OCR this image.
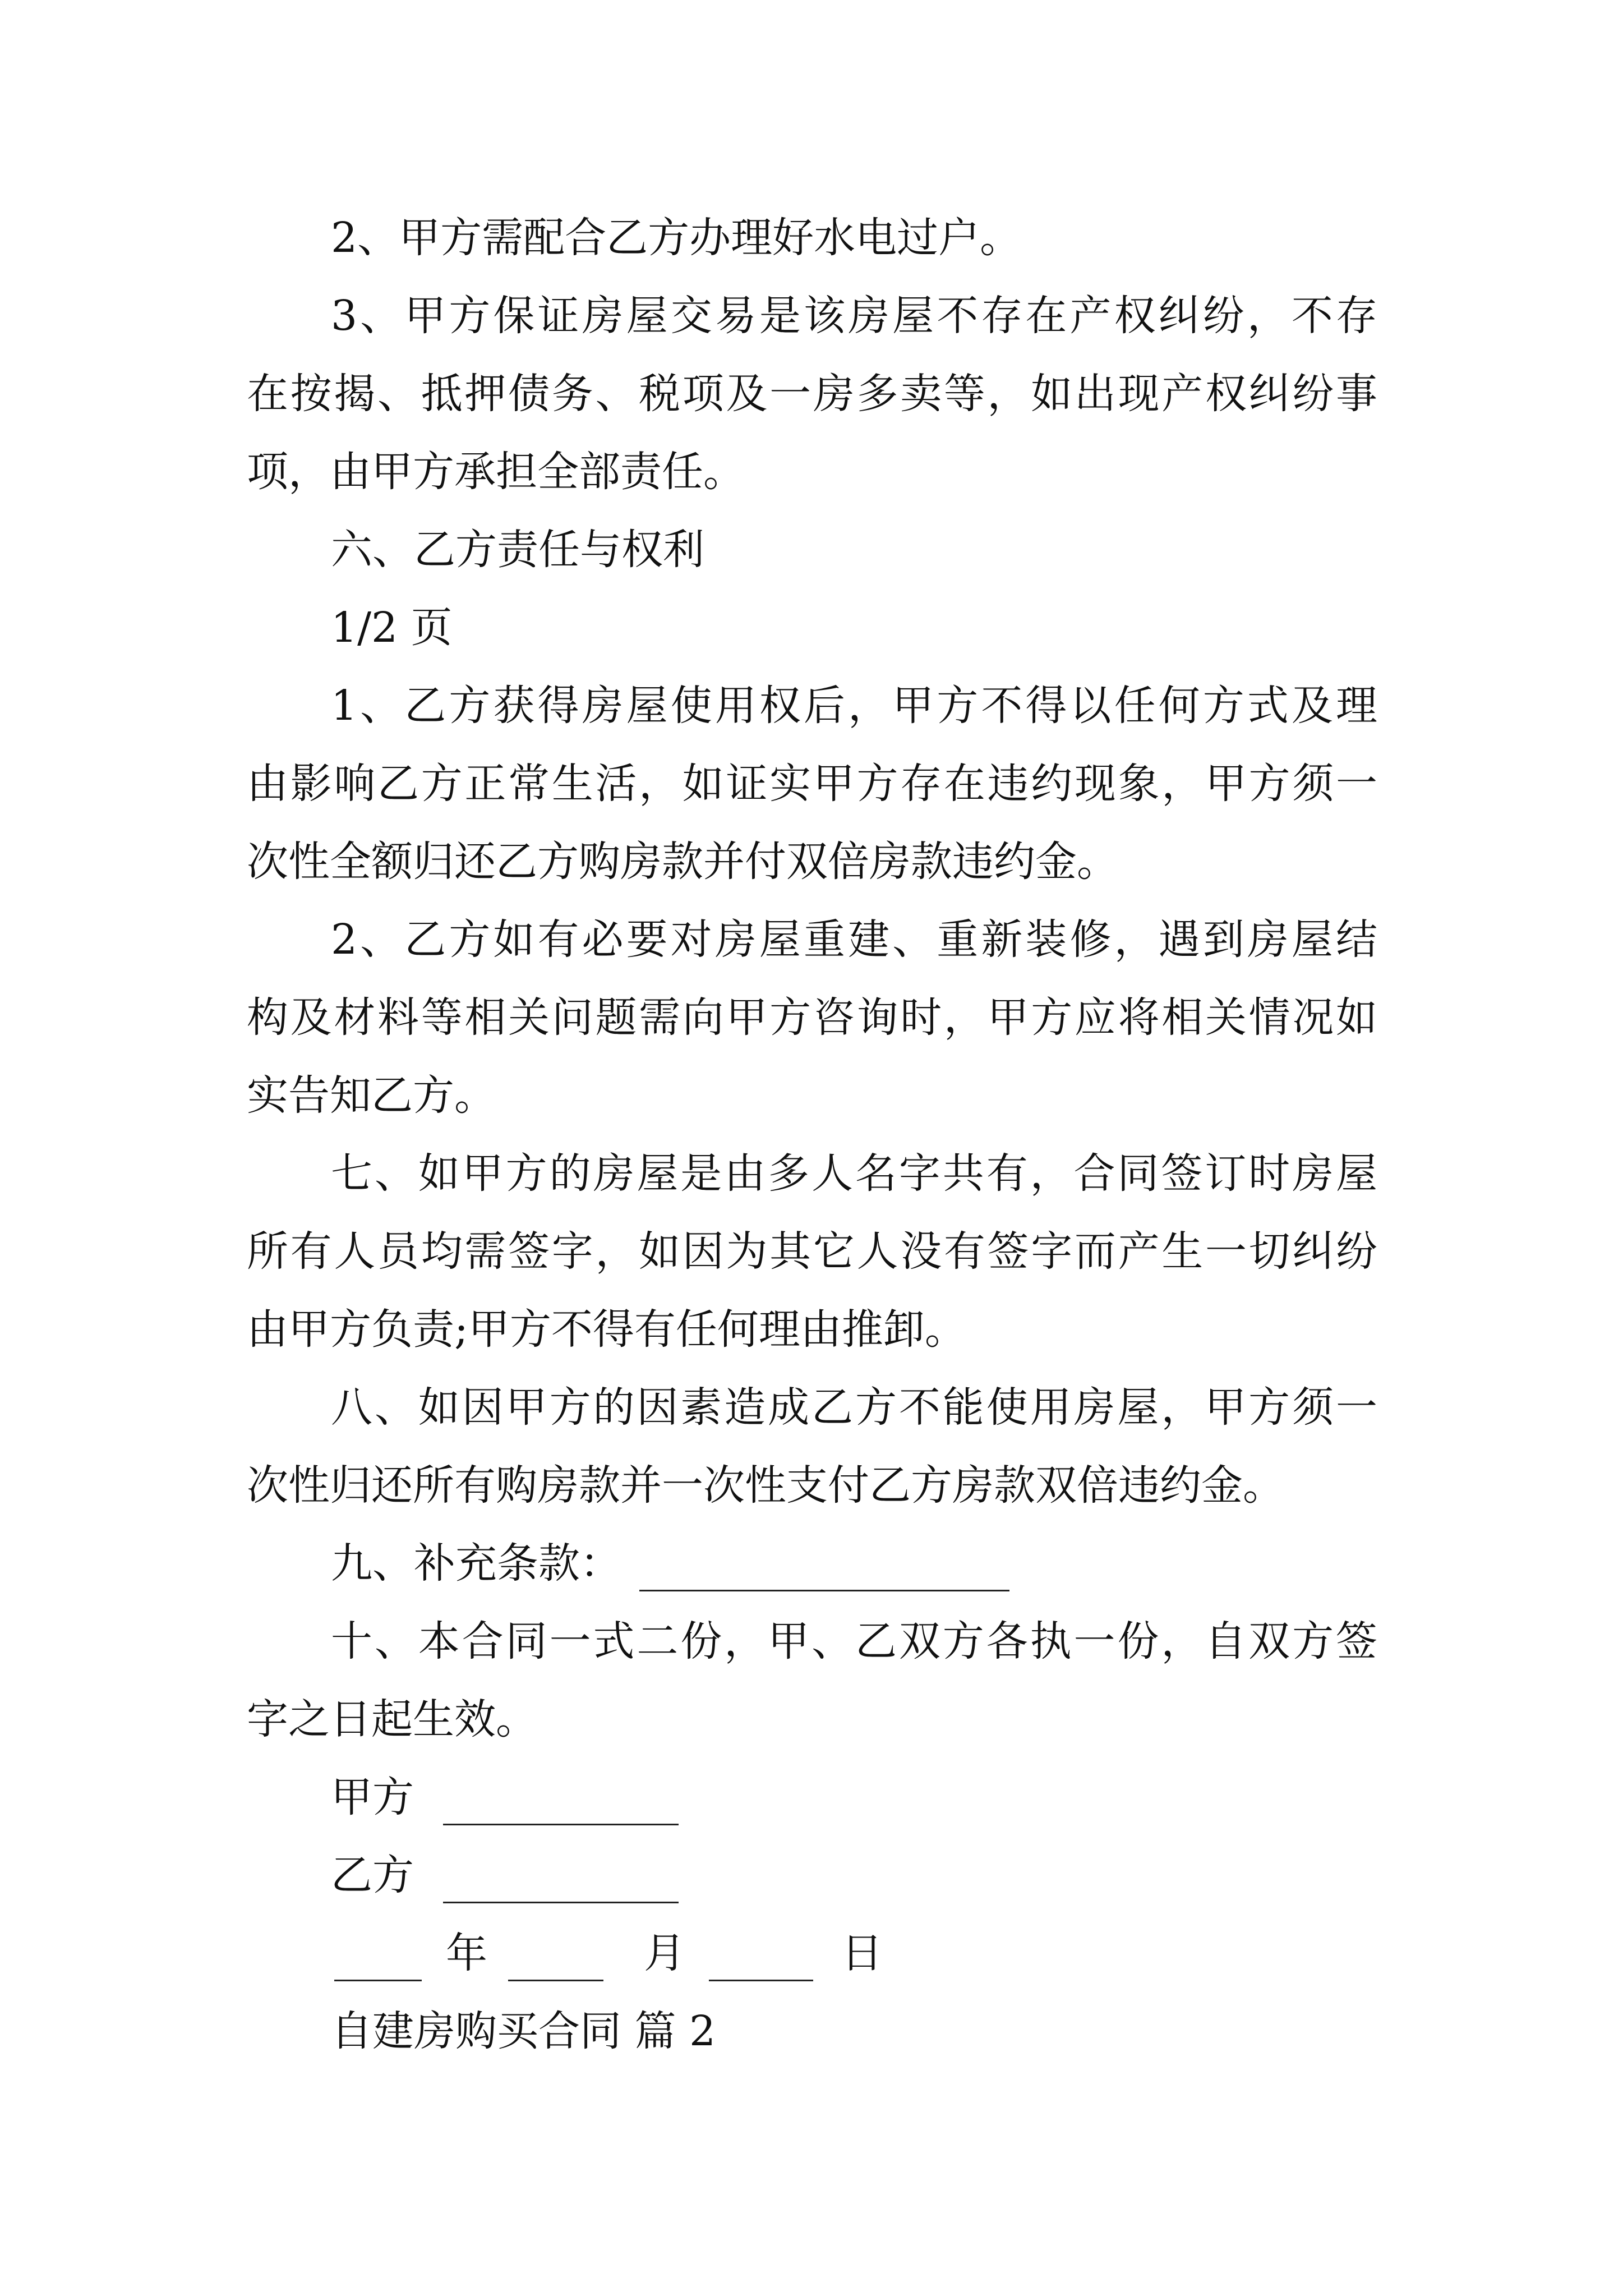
2、甲方需配合乙方办理好水电过户。
3、甲方保证房屋交易是该房屋不存在产权纠纷，不存
在按揭、抵押债务、税项及一房多卖等，如出现产权纠纷事
项，由甲方承担全部责任。
六、乙方责任与权利
1/2 页
1、乙方获得房屋使用权后，甲方不得以任何方式及理
由影响乙方正常生活，如证实甲方存在违约现象，甲方须一
次性全额归还乙方购房款并付双倍房款违约金。
2、乙方如有必要对房屋重建、重新装修，遇到房屋结
构及材料等相关问题需向甲方咨询时，甲方应将相关情况如
实告知乙方。
七、如甲方的房屋是由多人名字共有，合同签订时房屋
所有人员均需签字，如因为其它人没有签字而产生一切纠纷
由甲方负责;甲方不得有任何理由推卸。
八、如因甲方的因素造成乙方不能使用房屋，甲方须一
次性归还所有购房款并一次性支付乙方房款双倍违约金。
九、补充条款：
十、本合同一式二份，甲、乙双方各执一份，自双方签
字之日起生效。
甲方
乙方
年	月	日
自建房购买合同 篇 2
